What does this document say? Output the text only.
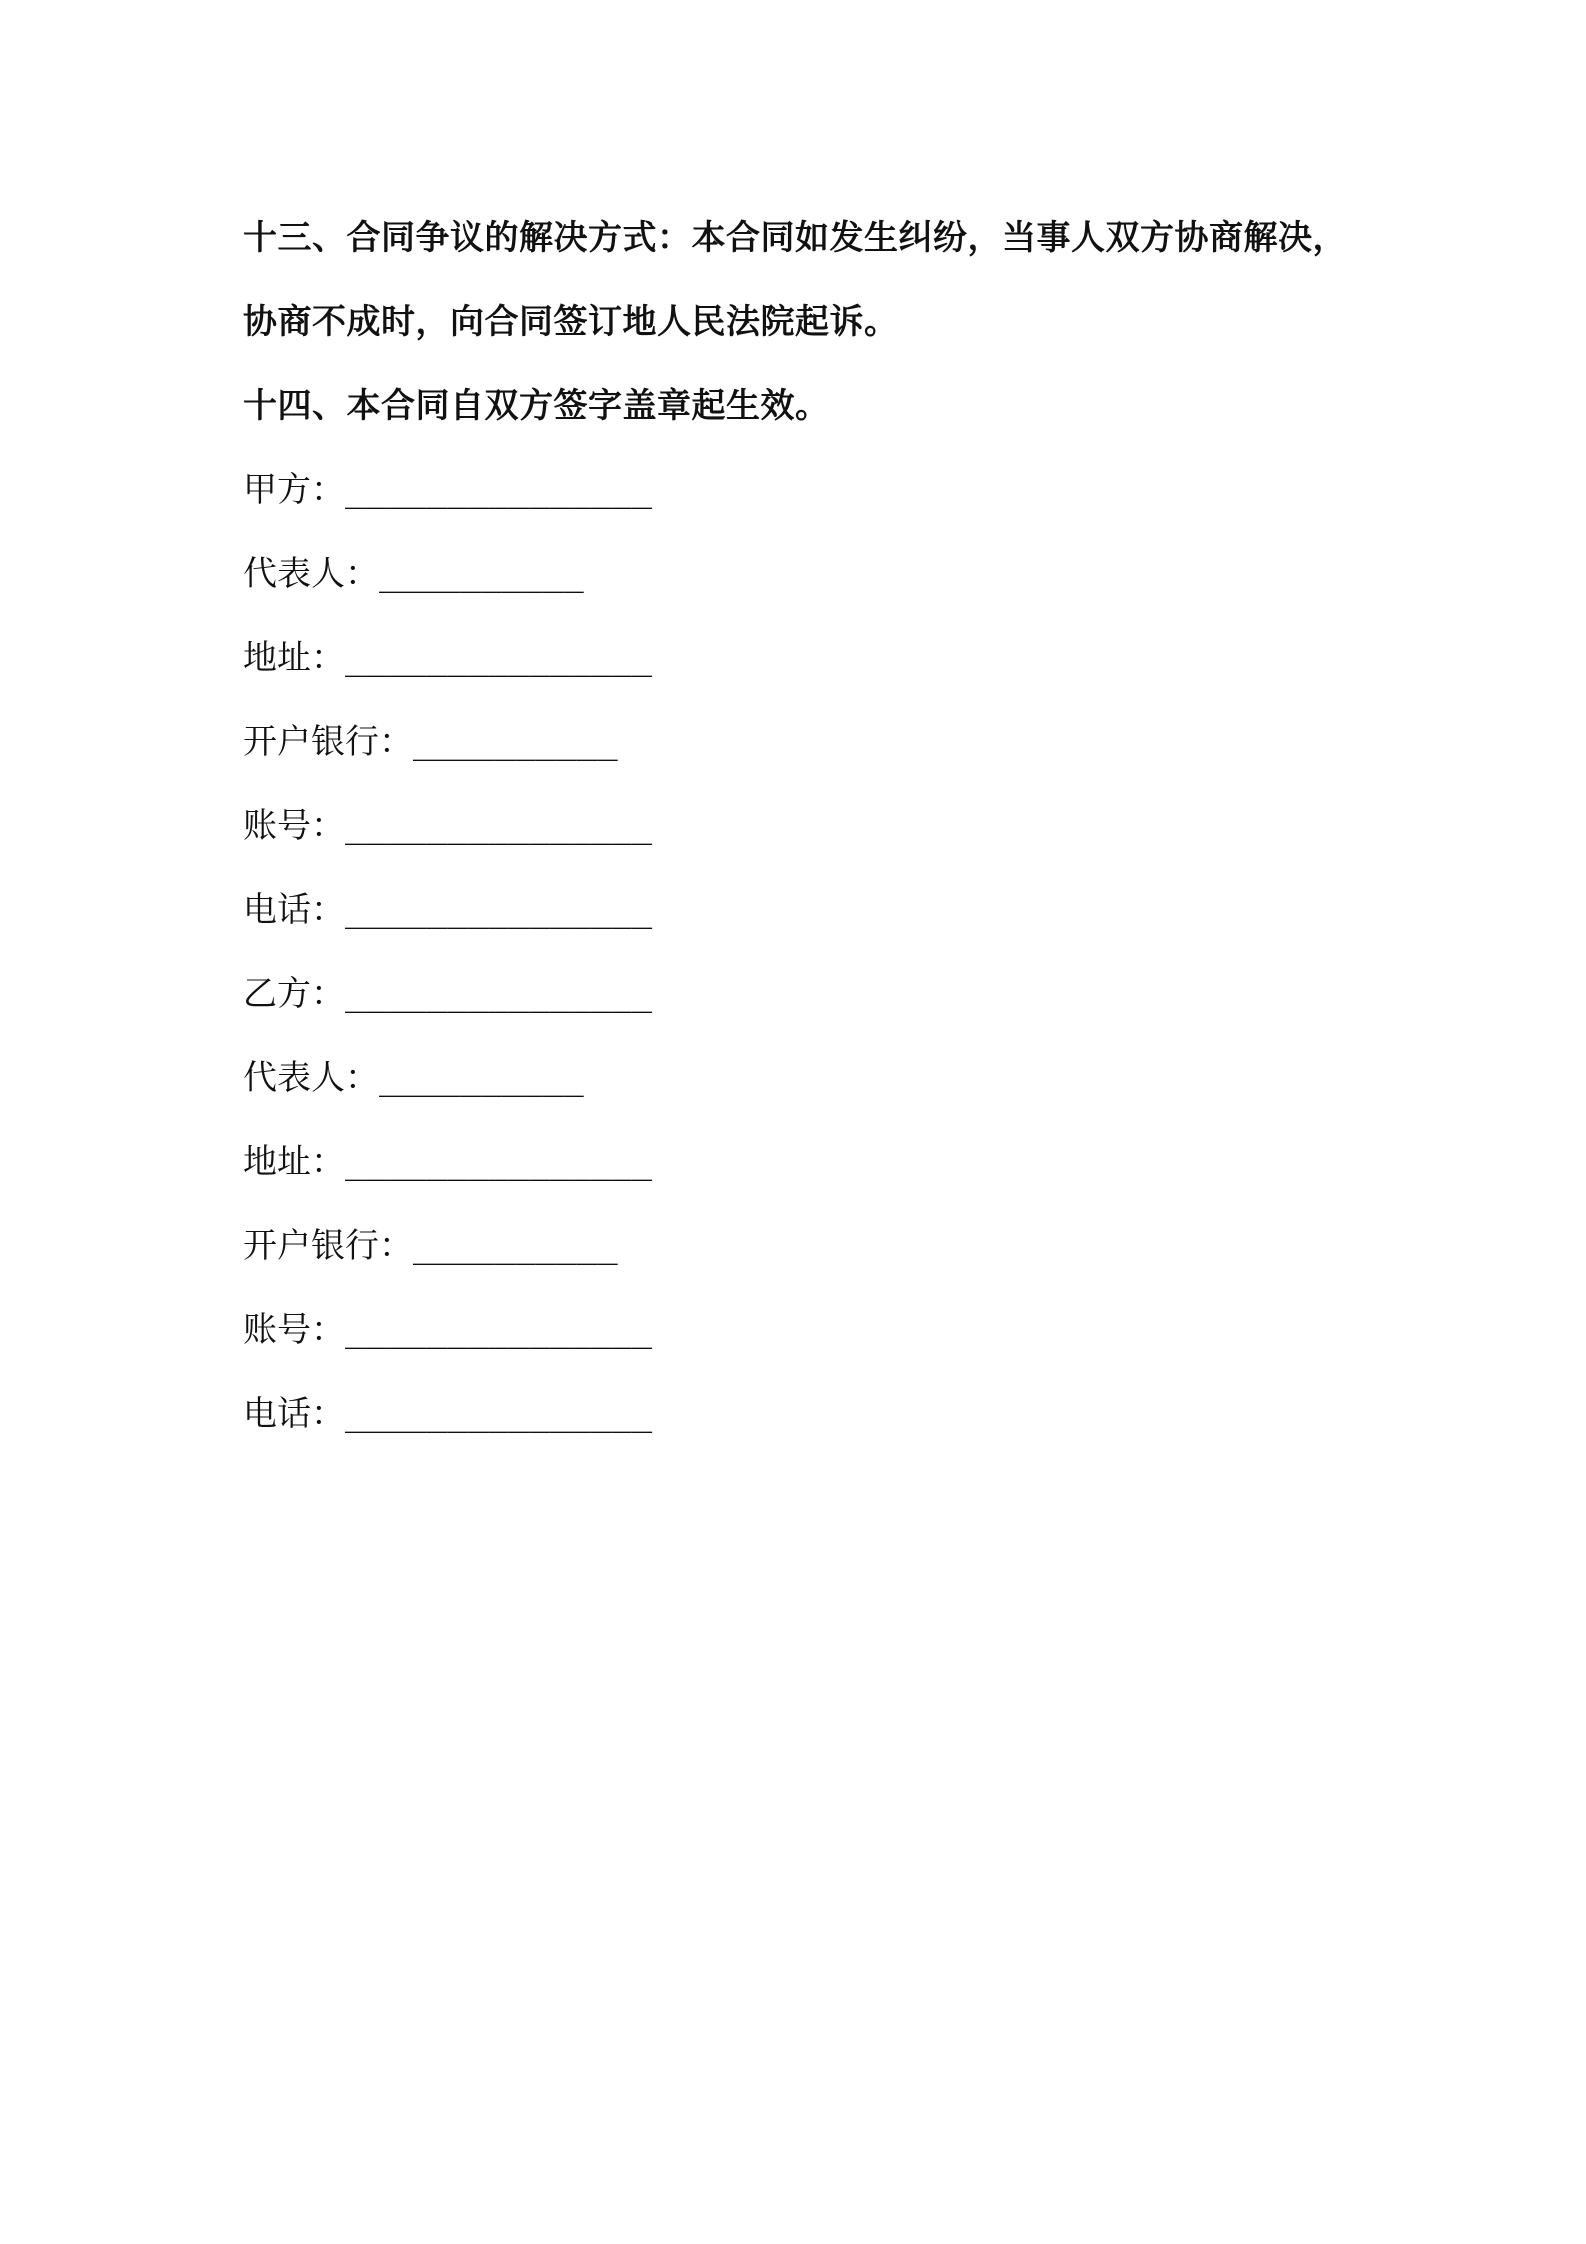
十三、合同争议的解决方式：本合同如发生纠纷，当事人双方协商解决，协商不成时，向合同签订地人民法院起诉。

十四、本合同自双方签字盖章起生效。

甲方：_______________
代表人：__________
地址：_______________
开户银行：__________
账号：_______________
电话：_______________
乙方：_______________
代表人：__________
地址：_______________
开户银行：__________
账号：_______________
电话：_______________
